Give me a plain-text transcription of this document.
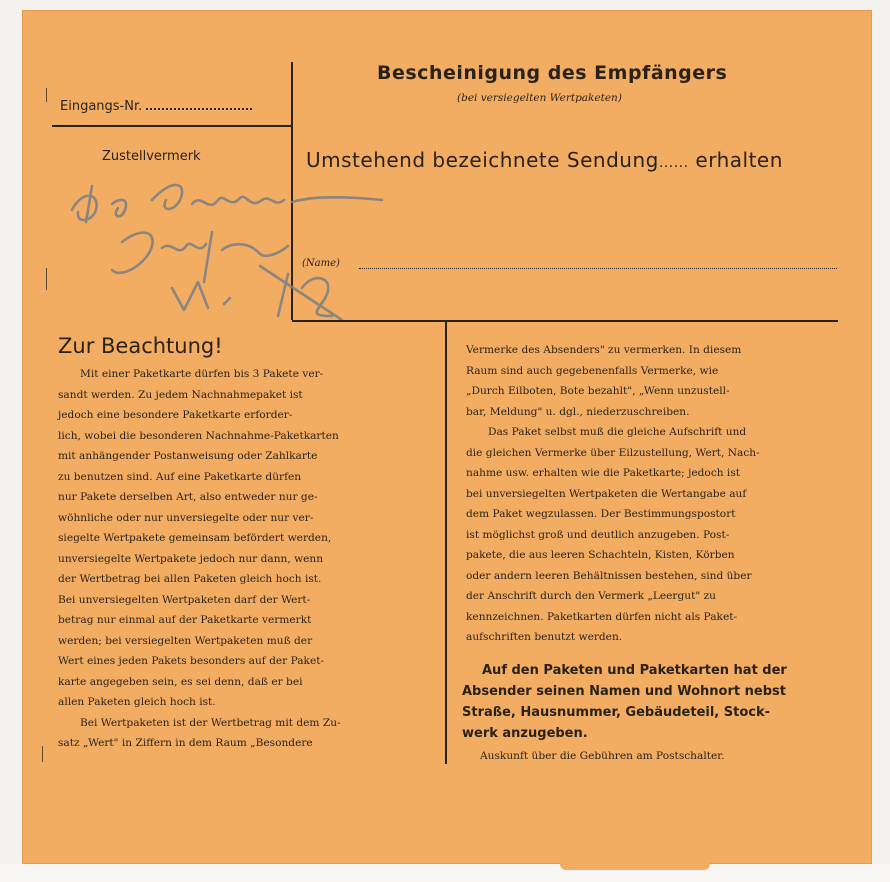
Bescheinigung des Empfängers
(bei versiegelten Wertpaketen)
Eingangs-Nr.
Zustellvermerk	Umstehend bezeichnete Sendung...... erhalten
(Name)
Zur Beachtung!

Mit einer Paketkarte dürfen bis 3 Pakete ver-

sandt werden. Zu jedem Nachnahmepaket ist

jedoch eine besondere Paketkarte erforder-

lich, wobei die besonderen Nachnahme-Paketkarten

mit anhängender Postanweisung oder Zahlkarte

zu benutzen sind. Auf eine Paketkarte dürfen

nur Pakete derselben Art, also entweder nur ge-

wöhnliche oder nur unversiegelte oder nur ver-

siegelte Wertpakete gemeinsam befördert werden,

unversiegelte Wertpakete jedoch nur dann, wenn

der Wertbetrag bei allen Paketen gleich hoch ist.

Bei unversiegelten Wertpaketen darf der Wert-

betrag nur einmal auf der Paketkarte vermerkt

werden; bei versiegelten Wertpaketen muß der

Wert eines jeden Pakets besonders auf der Paket-

karte angegeben sein, es sei denn, daß er bei

allen Paketen gleich hoch ist.

Bei Wertpaketen ist der Wertbetrag mit dem Zu-

satz „Wert" in Ziffern in dem Raum „Besondere

Vermerke des Absenders" zu vermerken. In diesem

Raum sind auch gegebenenfalls Vermerke, wie

„Durch Eilboten, Bote bezahlt", „Wenn unzustell-

bar, Meldung" u. dgl., niederzuschreiben.

Das Paket selbst muß die gleiche Aufschrift und

die gleichen Vermerke über Eilzustellung, Wert, Nach-

nahme usw. erhalten wie die Paketkarte; jedoch ist

bei unversiegelten Wertpaketen die Wertangabe auf

dem Paket wegzulassen. Der Bestimmungspostort

ist möglichst groß und deutlich anzugeben. Post-

pakete, die aus leeren Schachteln, Kisten, Körben

oder andern leeren Behältnissen bestehen, sind über

der Anschrift durch den Vermerk „Leergut" zu

kennzeichnen. Paketkarten dürfen nicht als Paket-

aufschriften benutzt werden.

Auf den Paketen und Paketkarten hat der
Absender seinen Namen und Wohnort nebst
Straße, Hausnummer, Gebäudeteil, Stock-
werk anzugeben.
Auskunft über die Gebühren am Postschalter.
